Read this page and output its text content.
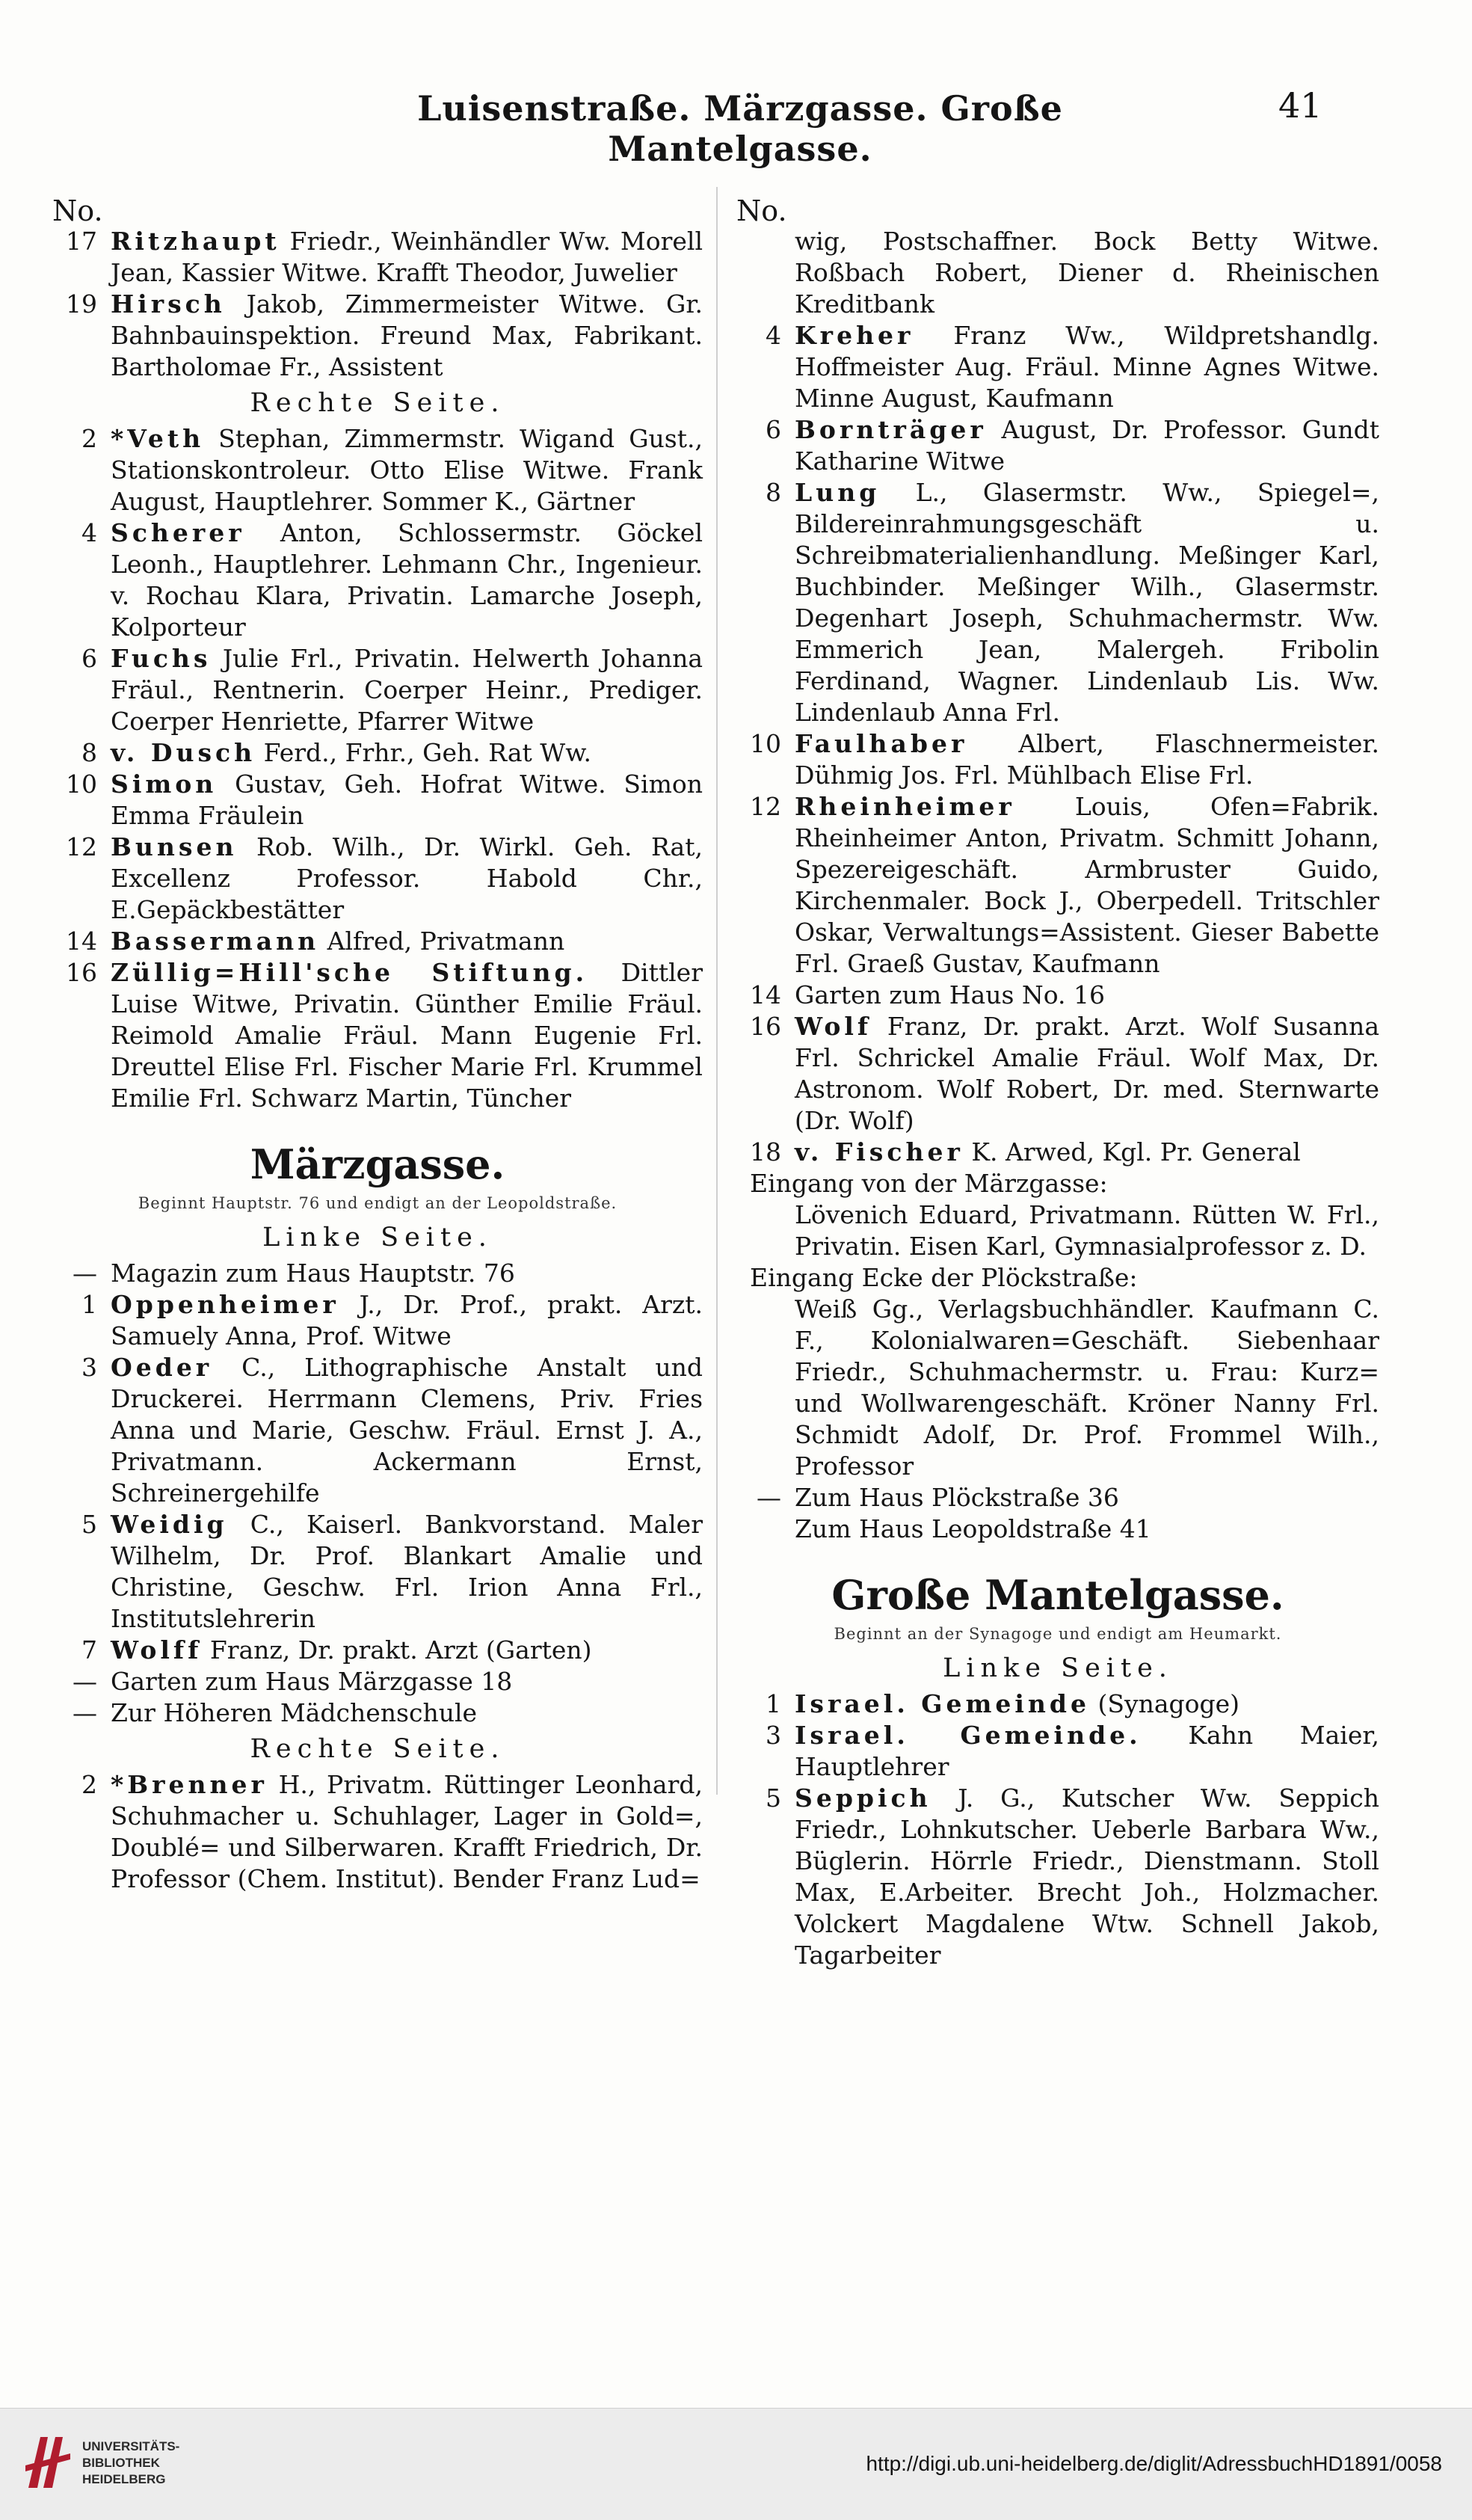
Luisenstraße. Märzgasse. Große Mantelgasse.
41
No.
17 Ritzhaupt Friedr., Weinhändler Ww. Morell Jean, Kassier Witwe. Krafft Theodor, Juwelier
19 Hirsch Jakob, Zimmermeister Witwe. Gr. Bahnbauinspektion. Freund Max, Fabrikant. Bartholomae Fr., Assistent
Rechte Seite.
2 *Veth Stephan, Zimmermstr. Wigand Gust., Stationskontroleur. Otto Elise Witwe. Frank August, Hauptlehrer. Sommer K., Gärtner
4 Scherer Anton, Schlossermstr. Göckel Leonh., Hauptlehrer. Lehmann Chr., Ingenieur. v. Rochau Klara, Privatin. Lamarche Joseph, Kolporteur
6 Fuchs Julie Frl., Privatin. Helwerth Johanna Fräul., Rentnerin. Coerper Heinr., Prediger. Coerper Henriette, Pfarrer Witwe
8 v. Dusch Ferd., Frhr., Geh. Rat Ww.
10 Simon Gustav, Geh. Hofrat Witwe. Simon Emma Fräulein
12 Bunsen Rob. Wilh., Dr. Wirkl. Geh. Rat, Excellenz Professor. Habold Chr., E.Gepäckbestätter
14 Bassermann Alfred, Privatmann
16 Züllig=Hill'sche Stiftung. Dittler Luise Witwe, Privatin. Günther Emilie Fräul. Reimold Amalie Fräul. Mann Eugenie Frl. Dreuttel Elise Frl. Fischer Marie Frl. Krummel Emilie Frl. Schwarz Martin, Tüncher
Märzgasse.
Beginnt Hauptstr. 76 und endigt an der Leopoldstraße.
Linke Seite.
— Magazin zum Haus Hauptstr. 76
1 Oppenheimer J., Dr. Prof., prakt. Arzt. Samuely Anna, Prof. Witwe
3 Oeder C., Lithographische Anstalt und Druckerei. Herrmann Clemens, Priv. Fries Anna und Marie, Geschw. Fräul. Ernst J. A., Privatmann. Ackermann Ernst, Schreinergehilfe
5 Weidig C., Kaiserl. Bankvorstand. Maler Wilhelm, Dr. Prof. Blankart Amalie und Christine, Geschw. Frl. Irion Anna Frl., Institutslehrerin
7 Wolff Franz, Dr. prakt. Arzt (Garten)
— Garten zum Haus Märzgasse 18
— Zur Höheren Mädchenschule
Rechte Seite.
2 *Brenner H., Privatm. Rüttinger Leonhard, Schuhmacher u. Schuhlager, Lager in Gold=, Doublé= und Silberwaren. Krafft Friedrich, Dr. Professor (Chem. Institut). Bender Franz Lud=
No.
wig, Postschaffner. Bock Betty Witwe. Roßbach Robert, Diener d. Rheinischen Kreditbank
4 Kreher Franz Ww., Wildpretshandlg. Hoffmeister Aug. Fräul. Minne Agnes Witwe. Minne August, Kaufmann
6 Bornträger August, Dr. Professor. Gundt Katharine Witwe
8 Lung L., Glasermstr. Ww., Spiegel=, Bildereinrahmungsgeschäft u. Schreibmaterialienhandlung. Meßinger Karl, Buchbinder. Meßinger Wilh., Glasermstr. Degenhart Joseph, Schuhmachermstr. Ww. Emmerich Jean, Malergeh. Fribolin Ferdinand, Wagner. Lindenlaub Lis. Ww. Lindenlaub Anna Frl.
10 Faulhaber Albert, Flaschnermeister. Dühmig Jos. Frl. Mühlbach Elise Frl.
12 Rheinheimer Louis, Ofen=Fabrik. Rheinheimer Anton, Privatm. Schmitt Johann, Spezereigeschäft. Armbruster Guido, Kirchenmaler. Bock J., Oberpedell. Tritschler Oskar, Verwaltungs=Assistent. Gieser Babette Frl. Graeß Gustav, Kaufmann
14 Garten zum Haus No. 16
16 Wolf Franz, Dr. prakt. Arzt. Wolf Susanna Frl. Schrickel Amalie Fräul. Wolf Max, Dr. Astronom. Wolf Robert, Dr. med. Sternwarte (Dr. Wolf)
18 v. Fischer K. Arwed, Kgl. Pr. General
Eingang von der Märzgasse:
Lövenich Eduard, Privatmann. Rütten W. Frl., Privatin. Eisen Karl, Gymnasialprofessor z. D.
Eingang Ecke der Plöckstraße:
Weiß Gg., Verlagsbuchhändler. Kaufmann C. F., Kolonialwaren=Geschäft. Siebenhaar Friedr., Schuhmachermstr. u. Frau: Kurz= und Wollwarengeschäft. Kröner Nanny Frl. Schmidt Adolf, Dr. Prof. Frommel Wilh., Professor
— Zum Haus Plöckstraße 36
Zum Haus Leopoldstraße 41
Große Mantelgasse.
Beginnt an der Synagoge und endigt am Heumarkt.
Linke Seite.
1 Israel. Gemeinde (Synagoge)
3 Israel. Gemeinde. Kahn Maier, Hauptlehrer
5 Seppich J. G., Kutscher Ww. Seppich Friedr., Lohnkutscher. Ueberle Barbara Ww., Büglerin. Hörrle Friedr., Dienstmann. Stoll Max, E.Arbeiter. Brecht Joh., Holzmacher. Volckert Magdalene Wtw. Schnell Jakob, Tagarbeiter
UNIVERSITÄTS-
BIBLIOTHEK
HEIDELBERG
http://digi.ub.uni-heidelberg.de/diglit/AdressbuchHD1891/0058
